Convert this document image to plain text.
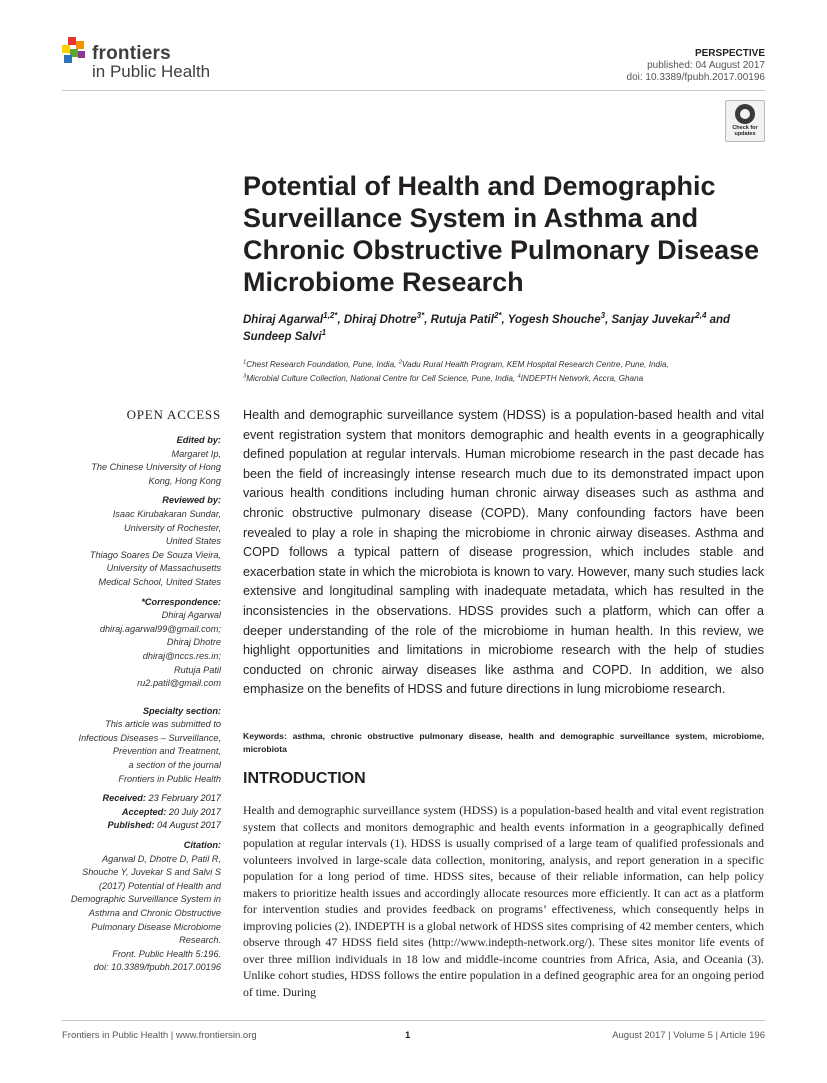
frontiers
in Public Health
PERSPECTIVE
published: 04 August 2017
doi: 10.3389/fpubh.2017.00196
Check for updates
Potential of Health and Demographic Surveillance System in Asthma and Chronic Obstructive Pulmonary Disease Microbiome Research
Dhiraj Agarwal$^{1,2*}$, Dhiraj Dhotre$^{3*}$, Rutuja Patil$^{2*}$, Yogesh Shouche$^3$, Sanjay Juvekar$^{2,4}$ and Sundeep Salvi$^1$
$^1$Chest Research Foundation, Pune, India, $^2$Vadu Rural Health Program, KEM Hospital Research Centre, Pune, India,
$^3$Microbial Culture Collection, National Centre for Cell Science, Pune, India, $^4$INDEPTH Network, Accra, Ghana
OPEN ACCESS
Edited by:
Margaret Ip,
The Chinese University of Hong
Kong, Hong Kong
Reviewed by:
Isaac Kirubakaran Sundar,
University of Rochester,
United States
Thiago Soares De Souza Vieira,
University of Massachusetts
Medical School, United States
*Correspondence:
Dhiraj Agarwal
dhiraj.agarwal99@gmail.com;
Dhiraj Dhotre
dhiraj@nccs.res.in;
Rutuja Patil
ru2.patil@gmail.com
Specialty section:
This article was submitted to
Infectious Diseases – Surveillance,
Prevention and Treatment,
a section of the journal
Frontiers in Public Health
Received: 23 February 2017
Accepted: 20 July 2017
Published: 04 August 2017
Citation:
Agarwal D, Dhotre D, Patil R,
Shouche Y, Juvekar S and Salvi S
(2017) Potential of Health and
Demographic Surveillance System in
Asthma and Chronic Obstructive
Pulmonary Disease Microbiome
Research.
Front. Public Health 5:196.
doi: 10.3389/fpubh.2017.00196

Health and demographic surveillance system (HDSS) is a population-based health and vital event registration system that monitors demographic and health events in a geographically defined population at regular intervals. Human microbiome research in the past decade has been the field of increasingly intense research much due to its demonstrated impact upon various health conditions including human chronic airway diseases such as asthma and chronic obstructive pulmonary disease (COPD). Many confounding factors have been revealed to play a role in shaping the microbiome in chronic airway diseases. Asthma and COPD follows a typical pattern of disease progression, which includes stable and exacerbation state in which the microbiota is known to vary. However, many such studies lack extensive and longitudinal sampling with inadequate metadata, which has resulted in the inconsistencies in the observations. HDSS provides such a platform, which can offer a deeper understanding of the role of the microbiome in human health. In this review, we highlight opportunities and limitations in microbiome research with the help of studies conducted on chronic airway diseases like asthma and COPD. In addition, we also emphasize on the benefits of HDSS and future directions in lung microbiome research.

Keywords: asthma, chronic obstructive pulmonary disease, health and demographic surveillance system, microbiome, microbiota

INTRODUCTION

Health and demographic surveillance system (HDSS) is a population-based health and vital event registration system that collects and monitors demographic and health events information in a geographically defined population at regular intervals (1). HDSS is usually comprised of a large team of qualified professionals and volunteers involved in large-scale data collection, monitoring, analysis, and report generation in a specific population for a long period of time. HDSS sites, because of their reliable information, can help policy makers to prioritize health issues and accordingly allocate resources more efficiently. It can act as a platform for intervention studies and provides feedback on programs’ effectiveness, which consequently helps in improving policies (2). INDEPTH is a global network of HDSS sites comprising of 42 member centers, which observe through 47 HDSS field sites (http://www.indepth-network.org/). These sites monitor life events of over three million individuals in 18 low and middle-income countries from Africa, Asia, and Oceania (3). Unlike cohort studies, HDSS follows the entire population in a defined geographic area for an ongoing period of time. During

Frontiers in Public Health | www.frontiersin.org	1	August 2017 | Volume 5 | Article 196
